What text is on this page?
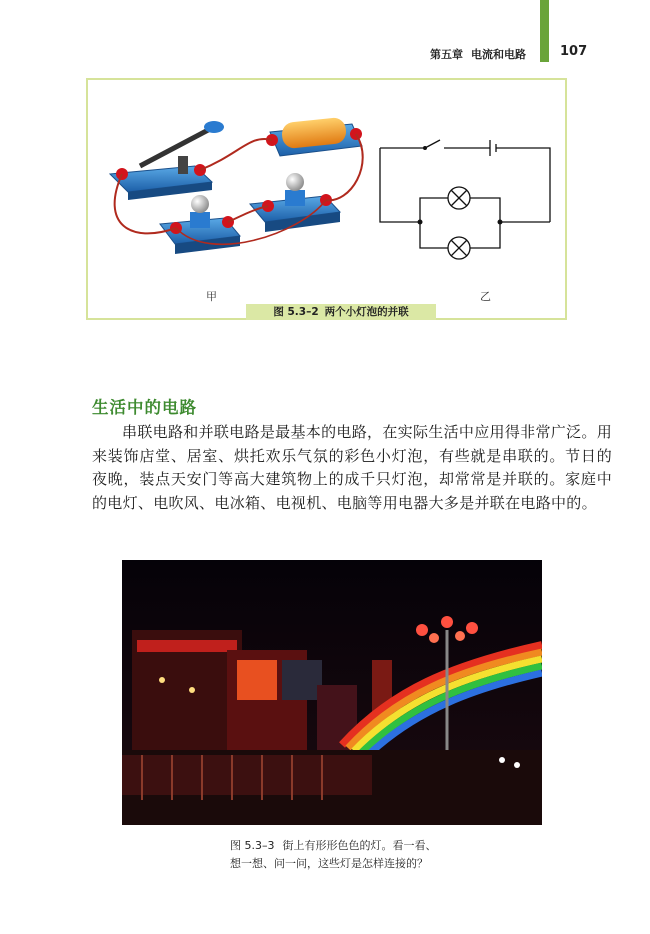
第五章 电流和电路	107
甲	乙
图 5.3–2 两个小灯泡的并联
生活中的电路

串联电路和并联电路是最基本的电路，在实际生活中应用得非常广泛。用来装饰店堂、居室、烘托欢乐气氛的彩色小灯泡，有些就是串联的。节日的夜晚，装点天安门等高大建筑物上的成千只灯泡，却常常是并联的。家庭中的电灯、电吹风、电冰箱、电视机、电脑等用电器大多是并联在电路中的。

图 5.3–3 街上有形形色色的灯。看一看、
想一想、问一问，这些灯是怎样连接的？
